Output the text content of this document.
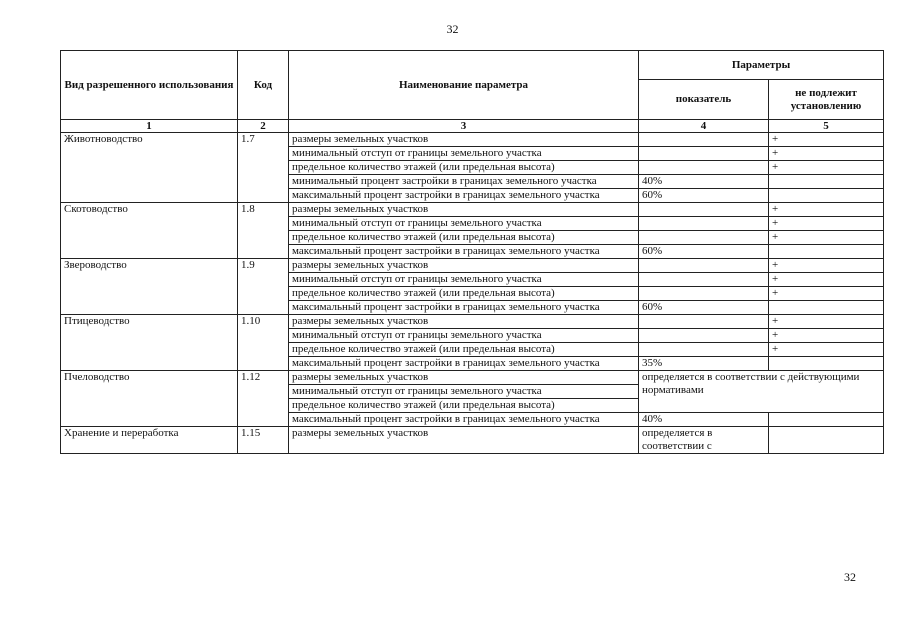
32
Вид разрешенного использования	Код	Наименование параметра	Параметры	
			показатель	не подлежит установлению
1	2	3	4	5
Животноводство	1.7	размеры земельных участков		+
		минимальный отступ от границы земельного участка		+
		предельное количество этажей (или предельная высота)		+
		минимальный процент застройки в границах земельного участка	40%	
		максимальный процент застройки в границах земельного участка	60%	
Скотоводство	1.8	размеры земельных участков		+
		минимальный отступ от границы земельного участка		+
		предельное количество этажей (или предельная высота)		+
		максимальный процент застройки в границах земельного участка	60%	
Звероводство	1.9	размеры земельных участков		+
		минимальный отступ от границы земельного участка		+
		предельное количество этажей (или предельная высота)		+
		максимальный процент застройки в границах земельного участка	60%	
Птицеводство	1.10	размеры земельных участков		+
		минимальный отступ от границы земельного участка		+
		предельное количество этажей (или предельная высота)		+
		максимальный процент застройки в границах земельного участка	35%	
Пчеловодство	1.12	размеры земельных участков	определяется в соответствии с действующими нормативами	
		минимальный отступ от границы земельного участка		
		предельное количество этажей (или предельная высота)		
		максимальный процент застройки в границах земельного участка	40%	
Хранение и переработка	1.15	размеры земельных участков	определяется в соответствии с	
32
